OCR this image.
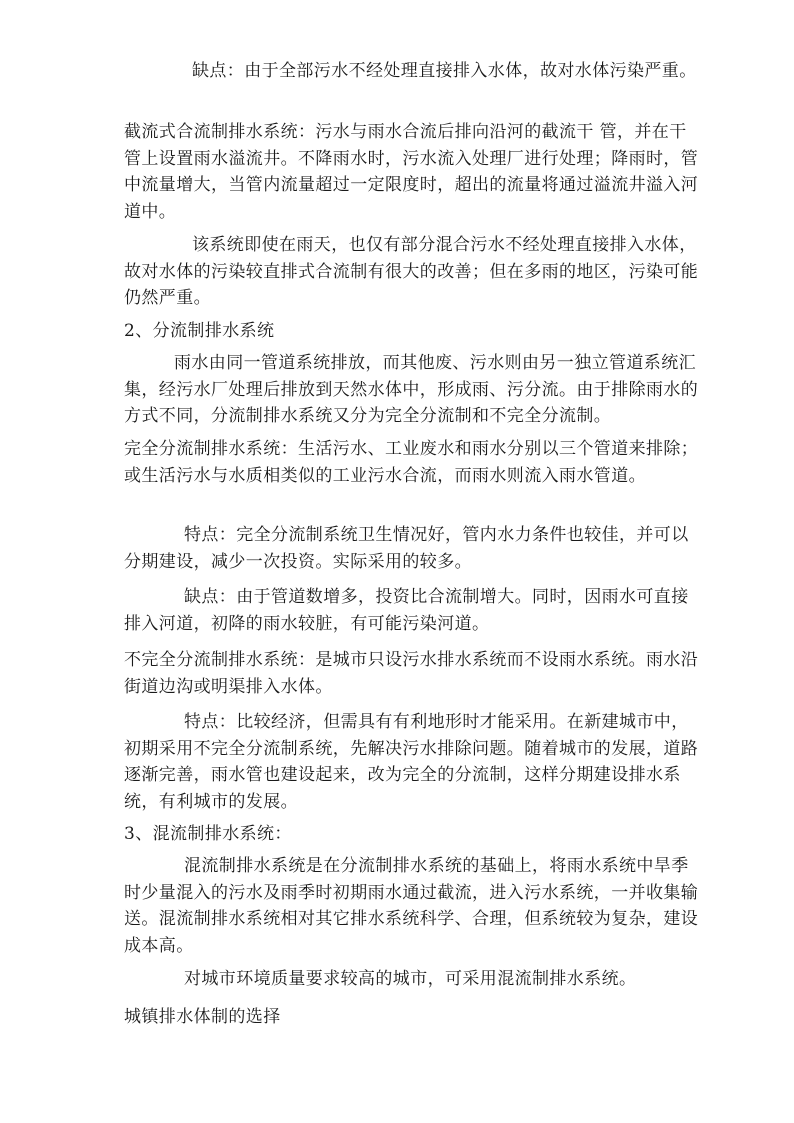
缺点：由于全部污水不经处理直接排入水体，故对水体污染严重。

截流式合流制排水系统：污水与雨水合流后排向沿河的截流干 管，并在干管上设置雨水溢流井。不降雨水时，污水流入处理厂进行处理；降雨时，管中流量增大，当管内流量超过一定限度时，超出的流量将通过溢流井溢入河道中。

该系统即使在雨天，也仅有部分混合污水不经处理直接排入水体，故对水体的污染较直排式合流制有很大的改善；但在多雨的地区，污染可能仍然严重。

2、分流制排水系统

雨水由同一管道系统排放，而其他废、污水则由另一独立管道系统汇集，经污水厂处理后排放到天然水体中，形成雨、污分流。由于排除雨水的方式不同，分流制排水系统又分为完全分流制和不完全分流制。

完全分流制排水系统：生活污水、工业废水和雨水分别以三个管道来排除；或生活污水与水质相类似的工业污水合流，而雨水则流入雨水管道。

特点：完全分流制系统卫生情况好，管内水力条件也较佳，并可以分期建设，减少一次投资。实际采用的较多。

缺点：由于管道数增多，投资比合流制增大。同时，因雨水可直接排入河道，初降的雨水较脏，有可能污染河道。

不完全分流制排水系统：是城市只设污水排水系统而不设雨水系统。雨水沿街道边沟或明渠排入水体。

特点：比较经济，但需具有有利地形时才能采用。在新建城市中，初期采用不完全分流制系统，先解决污水排除问题。随着城市的发展，道路逐渐完善，雨水管也建设起来，改为完全的分流制，这样分期建设排水系统，有利城市的发展。

3、混流制排水系统：

混流制排水系统是在分流制排水系统的基础上，将雨水系统中旱季时少量混入的污水及雨季时初期雨水通过截流，进入污水系统，一并收集输送。混流制排水系统相对其它排水系统科学、合理，但系统较为复杂，建设成本高。

对城市环境质量要求较高的城市，可采用混流制排水系统。

城镇排水体制的选择
